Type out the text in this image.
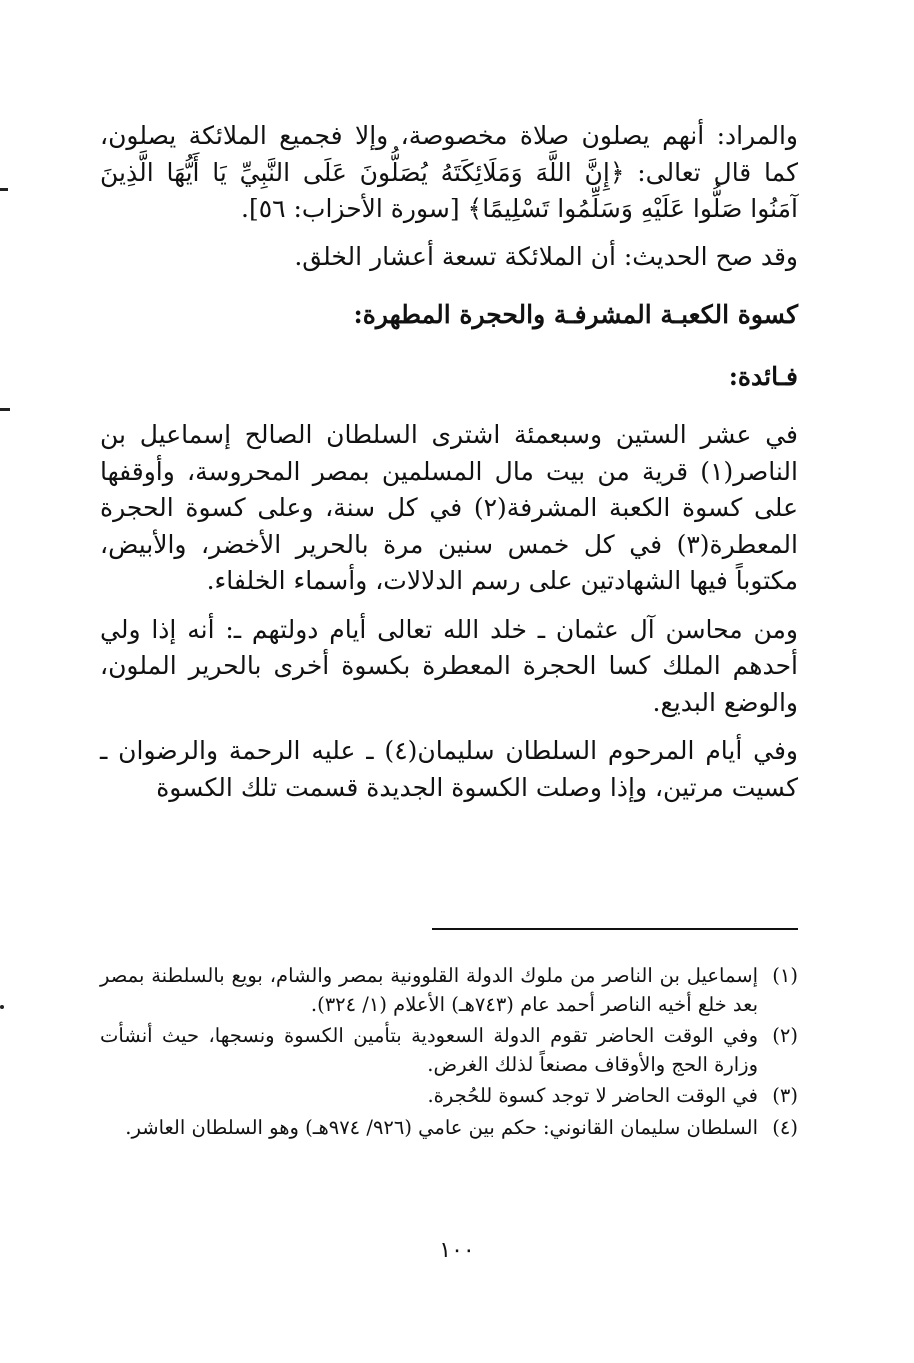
والمراد: أنهم يصلون صلاة مخصوصة، وإلا فجميع الملائكة يصلون، كما قال تعالى: ﴿إِنَّ اللَّهَ وَمَلَائِكَتَهُ يُصَلُّونَ عَلَى النَّبِيِّ يَا أَيُّهَا الَّذِينَ آمَنُوا صَلُّوا عَلَيْهِ وَسَلِّمُوا تَسْلِيمًا﴾ [سورة الأحزاب: ٥٦].

وقد صح الحديث: أن الملائكة تسعة أعشار الخلق.

كسوة الكعبـة المشرفـة والحجرة المطهرة:

فـائدة:

في عشر الستين وسبعمئة اشترى السلطان الصالح إسماعيل بن الناصر(١) قرية من بيت مال المسلمين بمصر المحروسة، وأوقفها على كسوة الكعبة المشرفة(٢) في كل سنة، وعلى كسوة الحجرة المعطرة(٣) في كل خمس سنين مرة بالحرير الأخضر، والأبيض، مكتوباً فيها الشهادتين على رسم الدلالات، وأسماء الخلفاء.

ومن محاسن آل عثمان ـ خلد الله تعالى أيام دولتهم ـ: أنه إذا ولي أحدهم الملك كسا الحجرة المعطرة بكسوة أخرى بالحرير الملون، والوضع البديع.

وفي أيام المرحوم السلطان سليمان(٤) ـ عليه الرحمة والرضوان ـ كسيت مرتين، وإذا وصلت الكسوة الجديدة قسمت تلك الكسوة

(١)
إسماعيل بن الناصر من ملوك الدولة القلوونية بمصر والشام، بويع بالسلطنة بمصر بعد خلع أخيه الناصر أحمد عام (٧٤٣هـ) الأعلام (١/ ٣٢٤).
(٢)
وفي الوقت الحاضر تقوم الدولة السعودية بتأمين الكسوة ونسجها، حيث أنشأت وزارة الحج والأوقاف مصنعاً لذلك الغرض.
(٣)
في الوقت الحاضر لا توجد كسوة للحُجرة.
(٤)
السلطان سليمان القانوني: حكم بين عامي (٩٢٦/ ٩٧٤هـ) وهو السلطان العاشر.
١٠٠
